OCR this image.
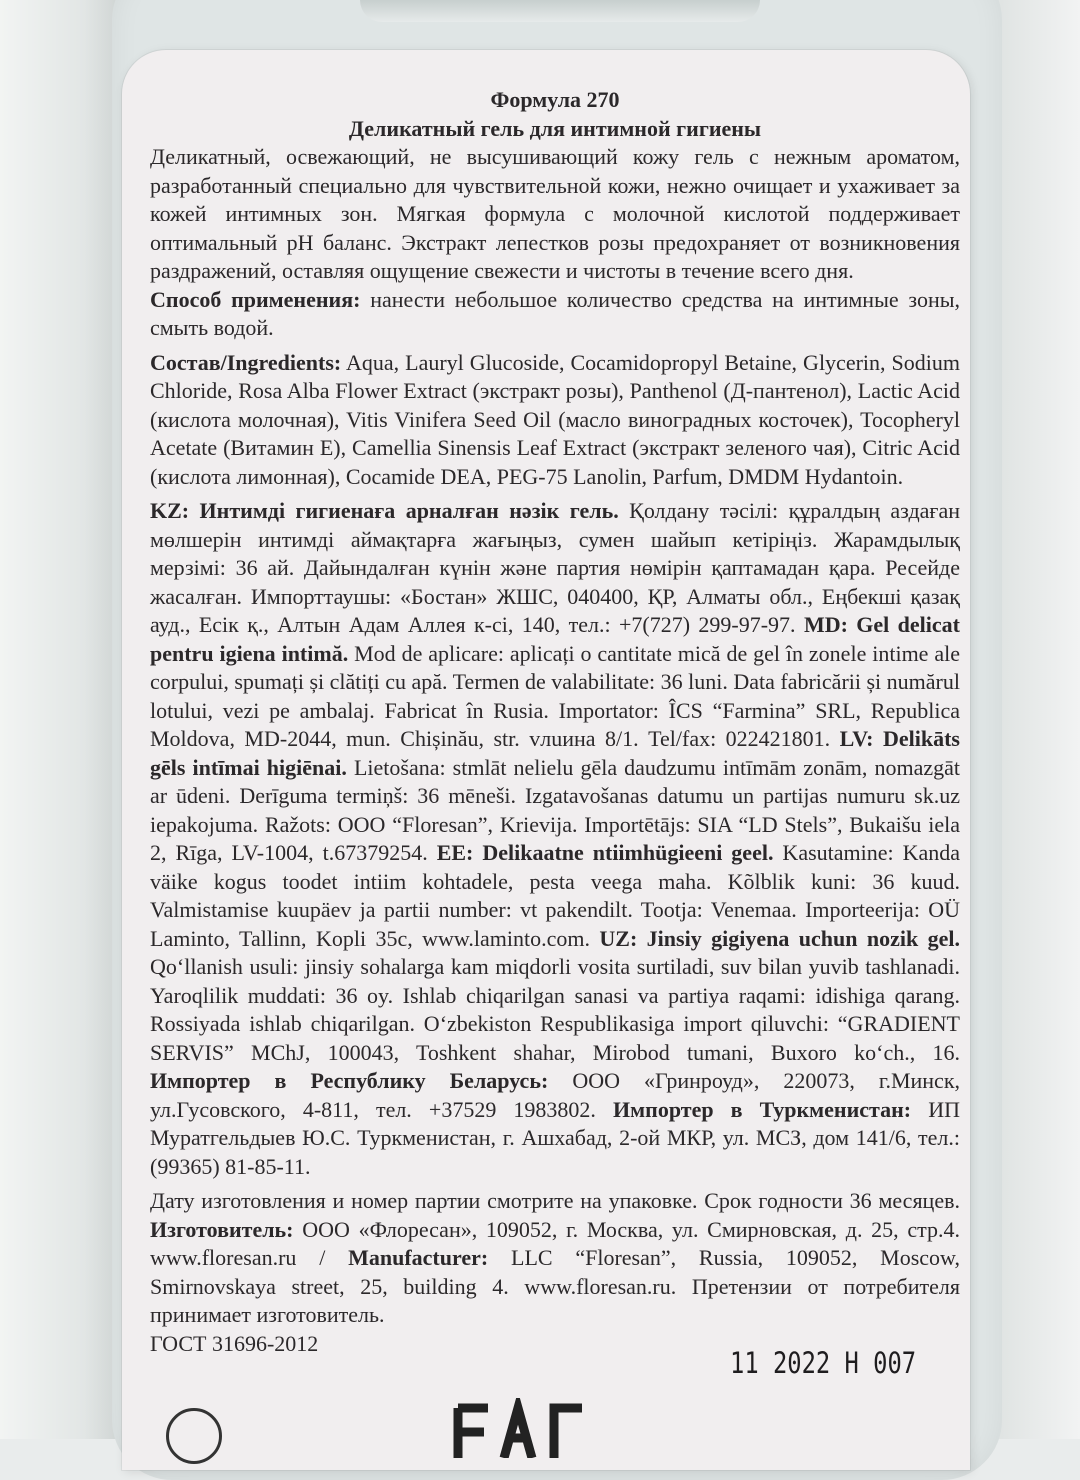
Формула 270

Деликатный гель для интимной гигиены

Деликатный, освежающий, не высушивающий кожу гель с нежным ароматом, разработанный специально для чувствительной кожи, нежно очищает и ухаживает за кожей интимных зон. Мягкая формула с молочной кислотой поддерживает оптимальный pH баланс. Экстракт лепестков розы предохраняет от возникновения раздражений, оставляя ощущение свежести и чистоты в течение всего дня.

Способ применения: нанести небольшое количество средства на интимные зоны, смыть водой.

Состав/Ingredients: Aqua, Lauryl Glucoside, Cocamidopropyl Betaine, Glycerin, Sodium Chloride, Rosa Alba Flower Extract (экстракт розы), Panthenol (Д-пантенол), Lactic Acid (кислота молочная), Vitis Vinifera Seed Oil (масло виноградных косточек), Tocopheryl Acetate (Витамин Е), Camellia Sinensis Leaf Extract (экстракт зеленого чая), Citric Acid (кислота лимонная), Cocamide DEA, PEG-75 Lanolin, Parfum, DMDM Hydantoin.

KZ: Интимді гигиенаға арналған нәзік гель. Қолдану тәсілі: құралдың аздаған мөлшерін интимді аймақтарға жағыңыз, сумен шайып кетіріңіз. Жарамдылық мерзімі: 36 ай. Дайындалған күнін және партия нөмірін қаптамадан қара. Ресейде жасалған. Импорттаушы: «Бостан» ЖШС, 040400, ҚР, Алматы обл., Еңбекші қазақ ауд., Есік қ., Алтын Адам Аллея к-сі, 140, тел.: +7(727) 299-97-97. MD: Gel delicat pentru igiena intimă. Mod de aplicare: aplicați o cantitate mică de gel în zonele intime ale corpului, spumați și clătiți cu apă. Termen de valabilitate: 36 luni. Data fabricării și numărul lotului, vezi pe ambalaj. Fabricat în Rusia. Importator: ÎCS “Farmina” SRL, Republica Moldova, MD-2044, mun. Chișinău, str. vлuина 8/1. Tel/fax: 022421801. LV: Delikāts gēls intīmai higiēnai. Lietošana: stmlāt nelielu gēla daudzumu intīmām zonām, nomazgāt ar ūdeni. Derīguma termiņš: 36 mēneši. Izgatavošanas datumu un partijas numuru sk.uz iepakojuma. Ražots: OOO “Floresan”, Krievija. Importētājs: SIA “LD Stels”, Bukaišu iela 2, Rīga, LV-1004, t.67379254. EE: Delikaatne ntiimhügieeni geel. Kasutamine: Kanda väike kogus toodet intiim kohtadele, pesta veega maha. Kõlblik kuni: 36 kuud. Valmistamise kuupäev ja partii number: vt pakendilt. Tootja: Venemaa. Importeerija: OÜ Laminto, Tallinn, Kopli 35c, www.laminto.com. UZ: Jinsiy gigiyena uchun nozik gel. Qo‘llanish usuli: jinsiy sohalarga kam miqdorli vosita surtiladi, suv bilan yuvib tashlanadi. Yaroqlilik muddati: 36 oy. Ishlab chiqarilgan sanasi va partiya raqami: idishiga qarang. Rossiyada ishlab chiqarilgan. O‘zbekiston Respublikasiga import qiluvchi: “GRADIENT SERVIS” MChJ, 100043, Toshkent shahar, Mirobod tumani, Buxoro ko‘ch., 16. Импортер в Республику Беларусь: ООО «Гринроуд», 220073, г.Минск, ул.Гусовского, 4-811, тел. +37529 1983802. Импортер в Туркменистан: ИП Муратгельдыев Ю.С. Туркменистан, г. Ашхабад, 2-ой МКР, ул. МСЗ, дом 141/6, тел.: (99365) 81-85-11.

Дату изготовления и номер партии смотрите на упаковке. Срок годности 36 месяцев. Изготовитель: ООО «Флоресан», 109052, г. Москва, ул. Смирновская, д. 25, стр.4. www.floresan.ru / Manufacturer: LLC “Floresan”, Russia, 109052, Moscow, Smirnovskaya street, 25, building 4. www.floresan.ru. Претензии от потребителя принимает изготовитель.

ГОСТ 31696-2012

11 2022 Н 007
